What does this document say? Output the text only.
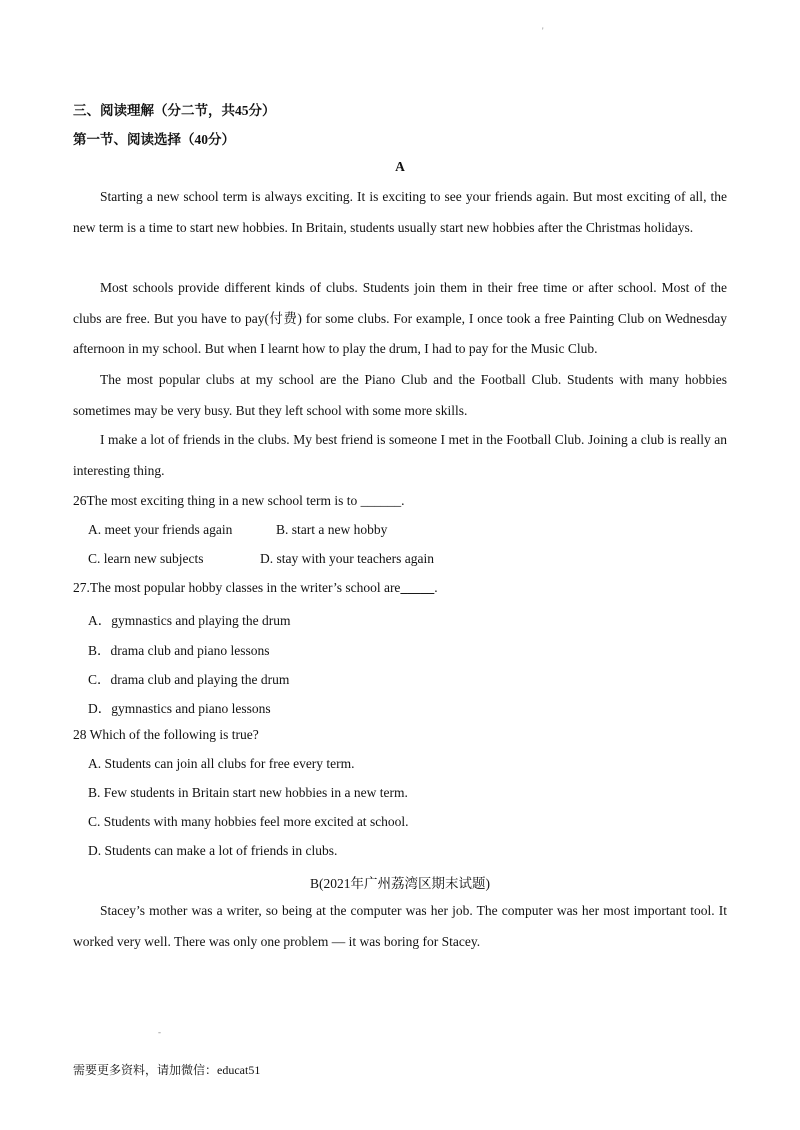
'
三、阅读理解（分二节，共45分）
第一节、阅读选择（40分）
A
Starting a new school term is always exciting. It is exciting to see your friends again. But most exciting of all, the new term is a time to start new hobbies. In Britain, students usually start new hobbies after the Christmas holidays.
Most schools provide different kinds of clubs. Students join them in their free time or after school. Most of the clubs are free. But you have to pay(付费) for some clubs. For example, I once took a free Painting Club on Wednesday afternoon in my school. But when I learnt how to play the drum, I had to pay for the Music Club.
The most popular clubs at my school are the Piano Club and the Football Club. Students with many hobbies sometimes may be very busy. But they left school with some more skills.
I make a lot of friends in the clubs. My best friend is someone I met in the Football Club. Joining a club is really an interesting thing.
26The most exciting thing in a new school term is to ______.
A. meet your friends again	B. start a new hobby
C. learn new subjects	D. stay with your teachers again
27.The most popular hobby classes in the writer’s school are_____.
A．gymnastics and playing the drum
B．drama club and piano lessons
C．drama club and playing the drum
D．gymnastics and piano lessons
28 Which of the following is true?
A. Students can join all clubs for free every term.
B. Few students in Britain start new hobbies in a new term.
C. Students with many hobbies feel more excited at school.
D. Students can make a lot of friends in clubs.
B(2021年广州荔湾区期末试题)
Stacey’s mother was a writer, so being at the computer was her job. The computer was her most important tool. It worked very well. There was only one problem — it was boring for Stacey.
-
需要更多资料，请加微信：educat51
